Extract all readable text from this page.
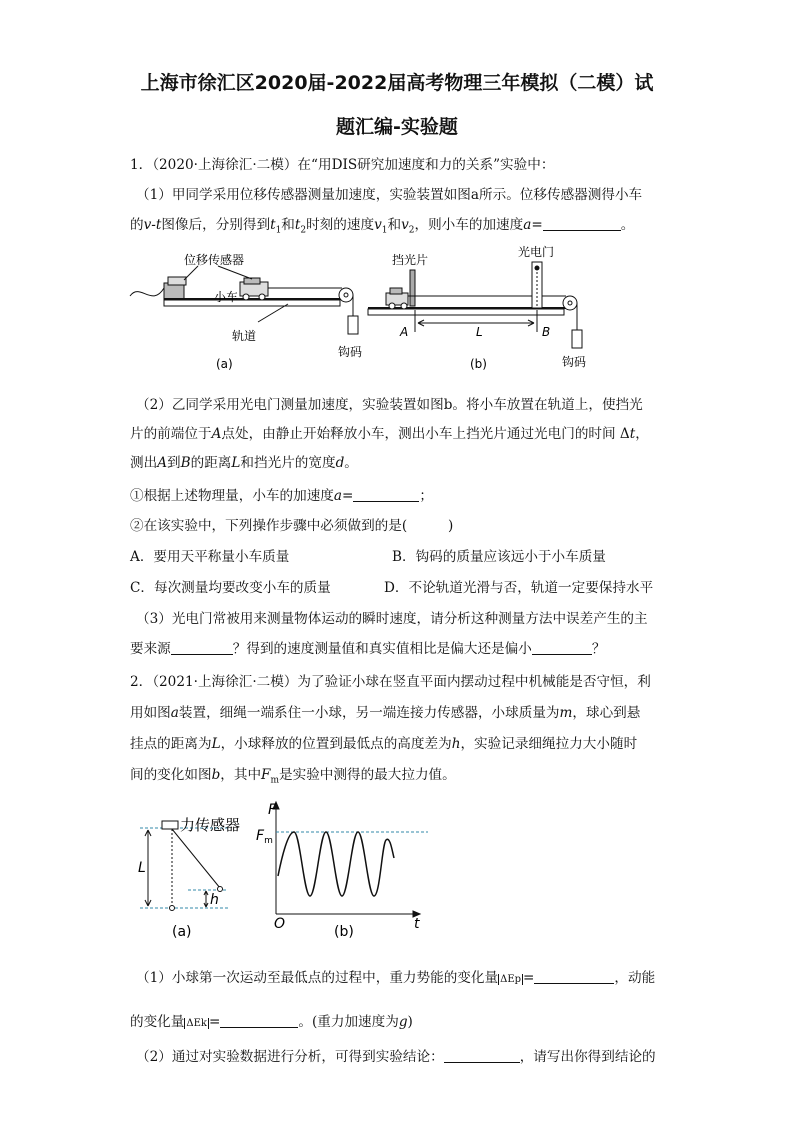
上海市徐汇区2020届-2022届高考物理三年模拟（二模）试
题汇编-实验题
1．（2020·上海徐汇·二模）在“用DIS研究加速度和力的关系”实验中：
（1）甲同学采用位移传感器测量加速度，实验装置如图a所示。位移传感器测得小车
的v-t图像后，分别得到$t_1$和$t_2$时刻的速度$v_1$和$v_2$，则小车的加速度a=	。
位移传感器
小车
轨道
钩码
(a)
挡光片
光电门
A	L	B
钩码
(b)
（2）乙同学采用光电门测量加速度，实验装置如图b。将小车放置在轨道上，使挡光
片的前端位于A点处，由静止开始释放小车，测出小车上挡光片通过光电门的时间 Δt，
测出A到B的距离L和挡光片的宽度d。
①根据上述物理量，小车的加速度a=	；
②在该实验中，下列操作步骤中必须做到的是(　　　)
A．要用天平称量小车质量	B．钩码的质量应该远小于小车质量
C．每次测量均要改变小车的质量	D．不论轨道光滑与否，轨道一定要保持水平
（3）光电门常被用来测量物体运动的瞬时速度，请分析这种测量方法中误差产生的主
要来源	？得到的速度测量值和真实值相比是偏大还是偏小	？
2．（2021·上海徐汇·二模）为了验证小球在竖直平面内摆动过程中机械能是否守恒，利
用如图a装置，细绳一端系住一小球，另一端连接力传感器，小球质量为m，球心到悬
挂点的距离为L，小球释放的位置到最低点的高度差为h，实验记录细绳拉力大小随时
间的变化如图b，其中$F_m$是实验中测得的最大拉力值。
力传感器
L
h
(a)
F
$F_m$
O	t
(b)
（1）小球第一次运动至最低点的过程中，重力势能的变化量 ΔEp =	，动能
的变化量 ΔEk =	。(重力加速度为g)
（2）通过对实验数据进行分析，可得到实验结论：	，请写出你得到结论的
